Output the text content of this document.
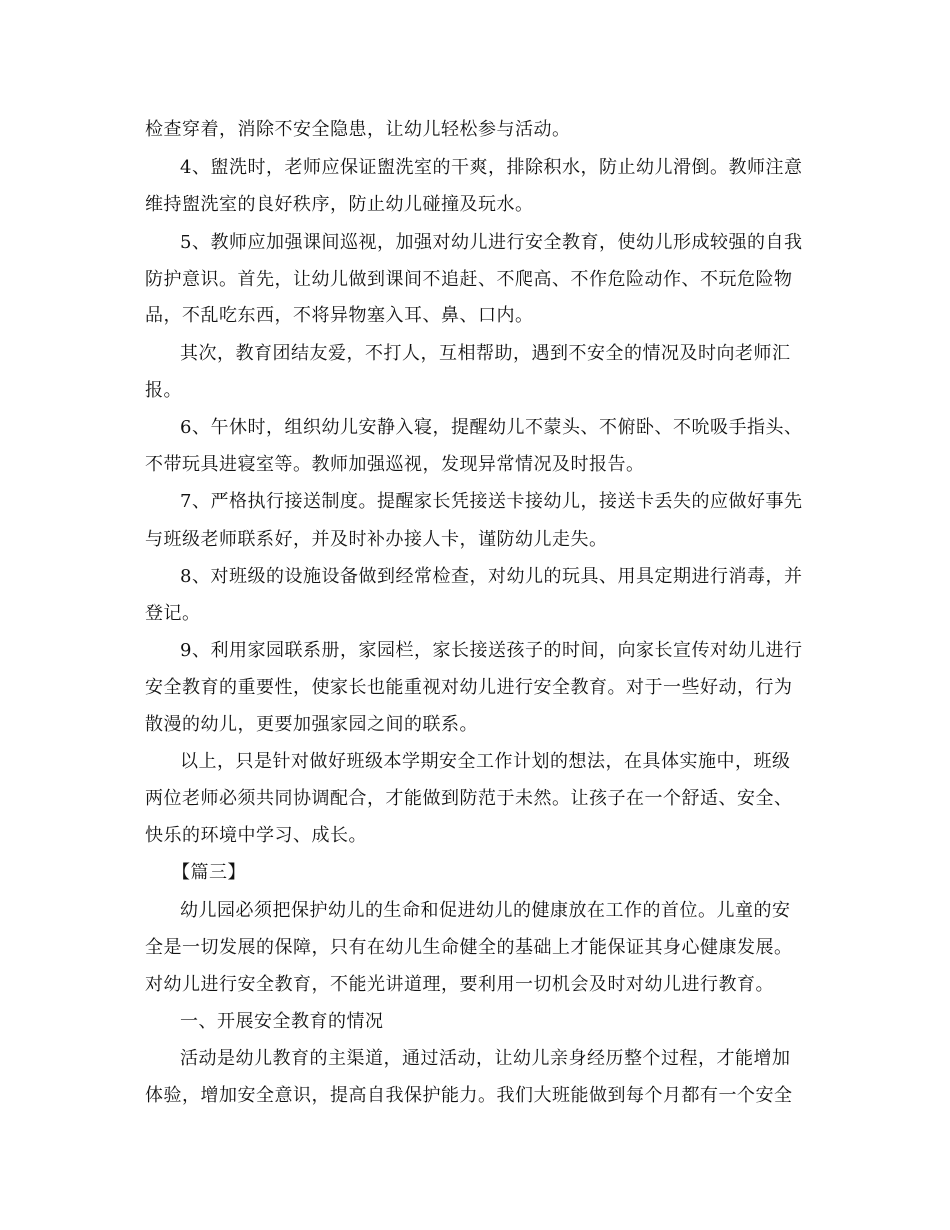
检查穿着，消除不安全隐患，让幼儿轻松参与活动。
4、盥洗时，老师应保证盥洗室的干爽，排除积水，防止幼儿滑倒。教师注意
维持盥洗室的良好秩序，防止幼儿碰撞及玩水。
5、教师应加强课间巡视，加强对幼儿进行安全教育，使幼儿形成较强的自我
防护意识。首先，让幼儿做到课间不追赶、不爬高、不作危险动作、不玩危险物
品，不乱吃东西，不将异物塞入耳、鼻、口内。
其次，教育团结友爱，不打人，互相帮助，遇到不安全的情况及时向老师汇
报。
6、午休时，组织幼儿安静入寝，提醒幼儿不蒙头、不俯卧、不吮吸手指头、
不带玩具进寝室等。教师加强巡视，发现异常情况及时报告。
7、严格执行接送制度。提醒家长凭接送卡接幼儿，接送卡丢失的应做好事先
与班级老师联系好，并及时补办接人卡，谨防幼儿走失。
8、对班级的设施设备做到经常检查，对幼儿的玩具、用具定期进行消毒，并
登记。
9、利用家园联系册，家园栏，家长接送孩子的时间，向家长宣传对幼儿进行
安全教育的重要性，使家长也能重视对幼儿进行安全教育。对于一些好动，行为
散漫的幼儿，更要加强家园之间的联系。
以上，只是针对做好班级本学期安全工作计划的想法，在具体实施中，班级
两位老师必须共同协调配合，才能做到防范于未然。让孩子在一个舒适、安全、
快乐的环境中学习、成长。
【篇三】
幼儿园必须把保护幼儿的生命和促进幼儿的健康放在工作的首位。儿童的安
全是一切发展的保障，只有在幼儿生命健全的基础上才能保证其身心健康发展。
对幼儿进行安全教育，不能光讲道理，要利用一切机会及时对幼儿进行教育。
一、开展安全教育的情况
活动是幼儿教育的主渠道，通过活动，让幼儿亲身经历整个过程，才能增加
体验，增加安全意识，提高自我保护能力。我们大班能做到每个月都有一个安全
